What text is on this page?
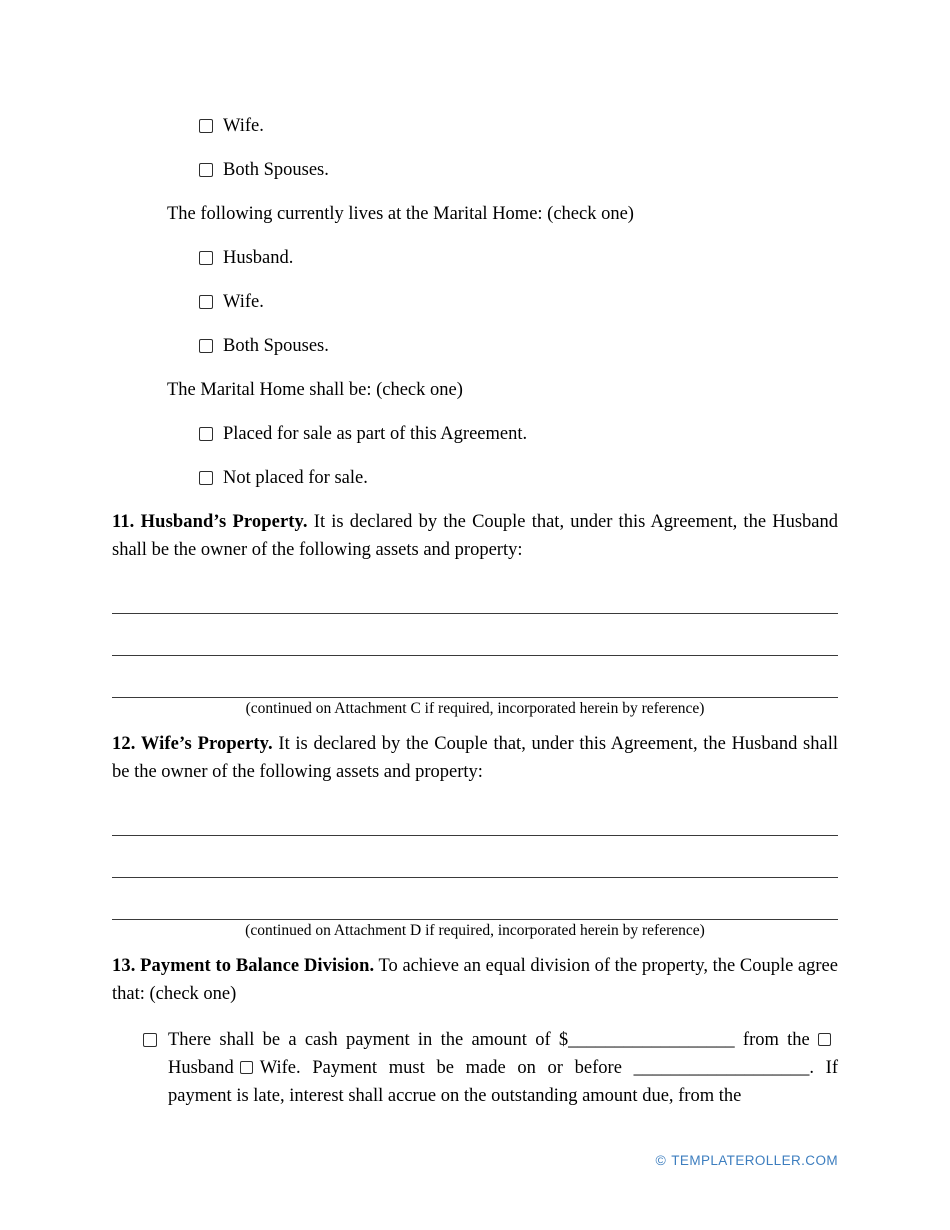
Wife.
Both Spouses.
The following currently lives at the Marital Home: (check one)
Husband.
Wife.
Both Spouses.
The Marital Home shall be: (check one)
Placed for sale as part of this Agreement.
Not placed for sale.

11. Husband’s Property. It is declared by the Couple that, under this Agreement, the Husband shall be the owner of the following assets and property:

(continued on Attachment C if required, incorporated herein by reference)

12. Wife’s Property. It is declared by the Couple that, under this Agreement, the Husband shall be the owner of the following assets and property:

(continued on Attachment D if required, incorporated herein by reference)

13. Payment to Balance Division. To achieve an equal division of the property, the Couple agree that: (check one)

There shall be a cash payment in the amount of $__________________ from the Husband Wife. Payment must be made on or before ___________________. If payment is late, interest shall accrue on the outstanding amount due, from the
© TEMPLATEROLLER.COM
